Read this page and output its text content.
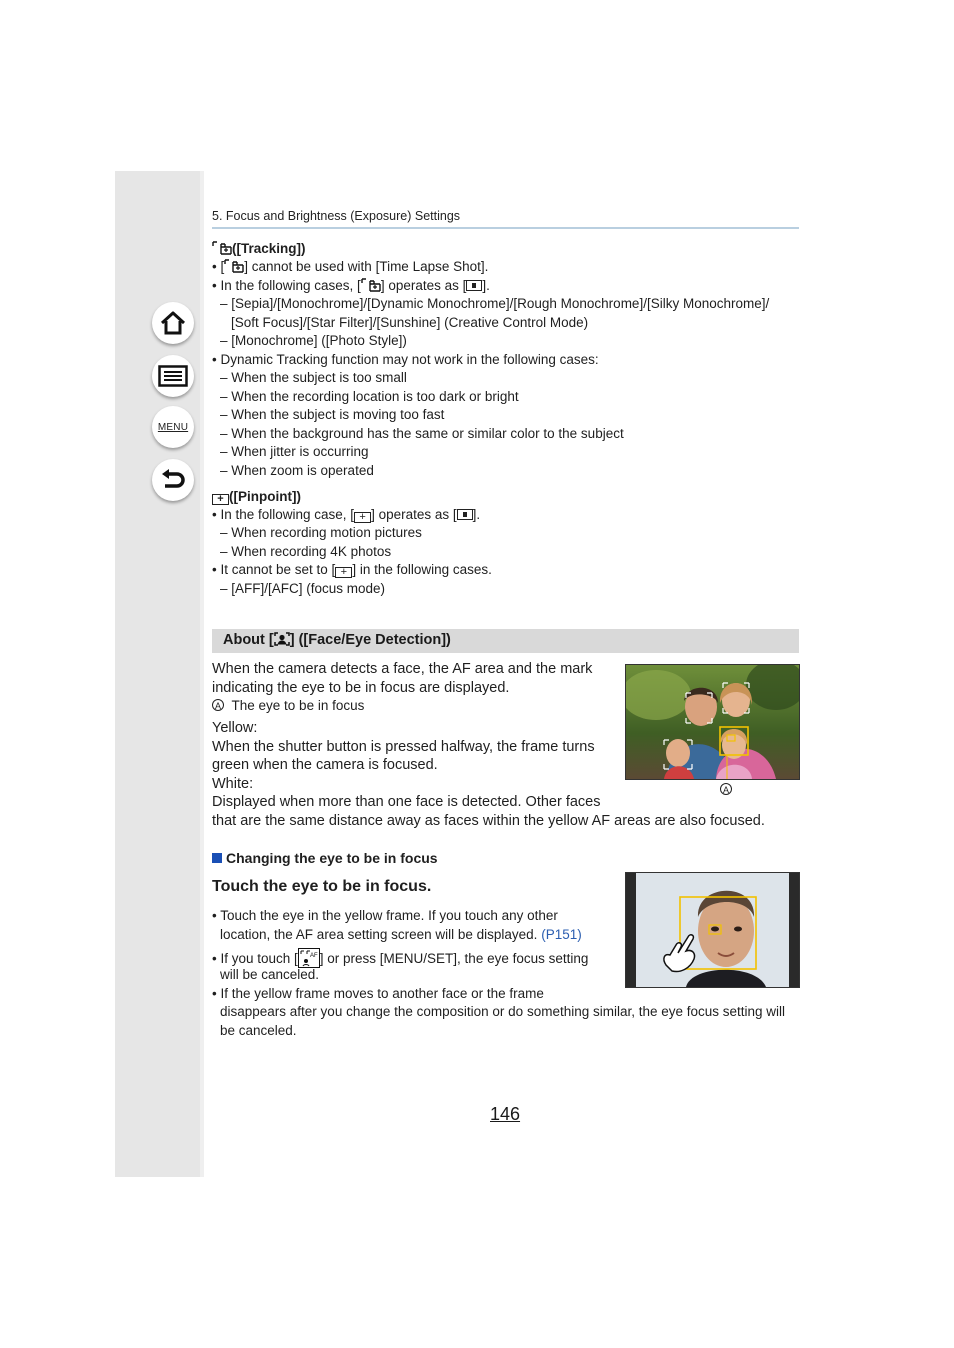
MENU
5. Focus and Brightness (Exposure) Settings
([Tracking])
• [ ] cannot be used with [Time Lapse Shot].
• In the following cases, [ ] operates as [ ].
– [Sepia]/[Monochrome]/[Dynamic Monochrome]/[Rough Monochrome]/[Silky Monochrome]/
[Soft Focus]/[Star Filter]/[Sunshine] (Creative Control Mode)
– [Monochrome] ([Photo Style])
• Dynamic Tracking function may not work in the following cases:
– When the subject is too small
– When the recording location is too dark or bright
– When the subject is moving too fast
– When the background has the same or similar color to the subject
– When jitter is occurring
– When zoom is operated
+ ([Pinpoint])
• In the following case, [ + ] operates as [ ].
– When recording motion pictures
– When recording 4K photos
• It cannot be set to [ + ] in the following cases.
– [AFF]/[AFC] (focus mode)
About [ ] ([Face/Eye Detection])
When the camera detects a face, the AF area and the mark
indicating the eye to be in focus are displayed.
A The eye to be in focus
Yellow:
When the shutter button is pressed halfway, the frame turns
green when the camera is focused.
White:
Displayed when more than one face is detected. Other faces
that are the same distance away as faces within the yellow AF areas are also focused.
A
Changing the eye to be in focus
Touch the eye to be in focus.
• Touch the eye in the yellow frame. If you touch any other
location, the AF area setting screen will be displayed. (P151)
• If you touch [ AF ] or press [MENU/SET], the eye focus setting
will be canceled.
• If the yellow frame moves to another face or the frame
disappears after you change the composition or do something similar, the eye focus setting will
be canceled.
146
